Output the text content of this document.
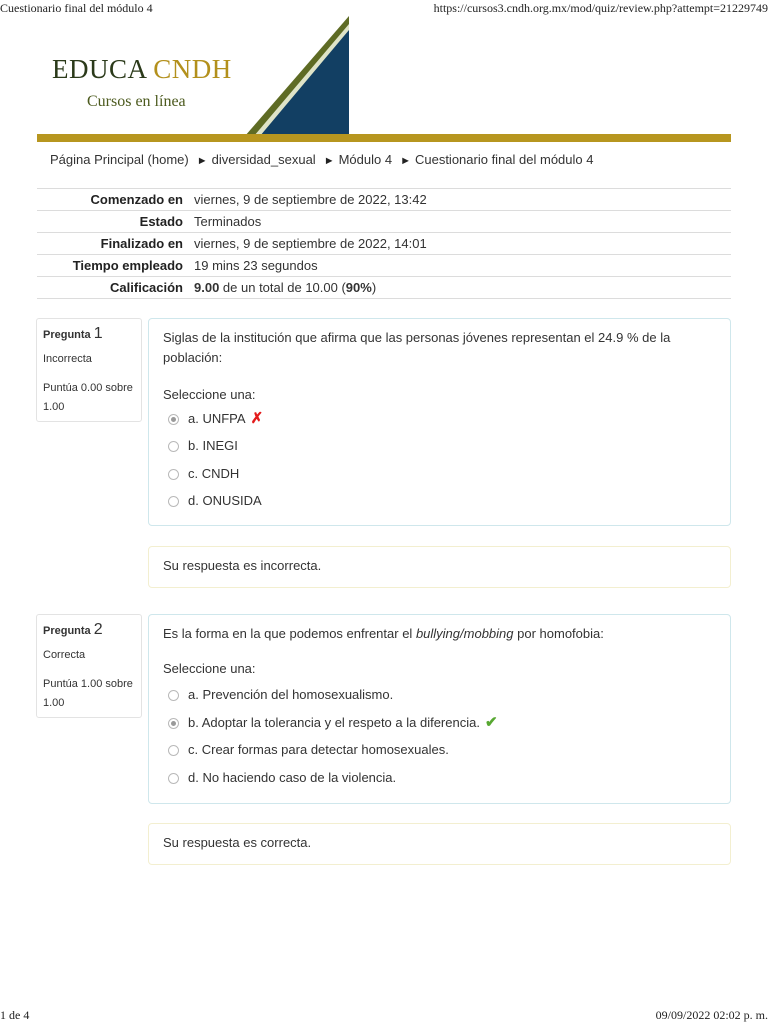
Cuestionario final del módulo 4	https://cursos3.cndh.org.mx/mod/quiz/review.php?attempt=21229749
EDUCA CNDH
Cursos en línea
Página Principal (home) ► diversidad_sexual ► Módulo 4 ► Cuestionario final del módulo 4
Comenzado en	viernes, 9 de septiembre de 2022, 13:42
Estado	Terminados
Finalizado en	viernes, 9 de septiembre de 2022, 14:01
Tiempo empleado	19 mins 23 segundos
Calificación	9.00 de un total de 10.00 (90%)
Pregunta 1
Incorrecta
Puntúa 0.00 sobre 1.00
Siglas de la institución que afirma que las personas jóvenes representan el 24.9 % de la población:
Seleccione una:
a. UNFPA ✗
b. INEGI
c. CNDH
d. ONUSIDA
Su respuesta es incorrecta.
Pregunta 2
Correcta
Puntúa 1.00 sobre 1.00
Es la forma en la que podemos enfrentar el bullying/mobbing por homofobia:
Seleccione una:
a. Prevención del homosexualismo.
b. Adoptar la tolerancia y el respeto a la diferencia. ✔
c. Crear formas para detectar homosexuales.
d. No haciendo caso de la violencia.
Su respuesta es correcta.
1 de 4	09/09/2022 02:02 p. m.
